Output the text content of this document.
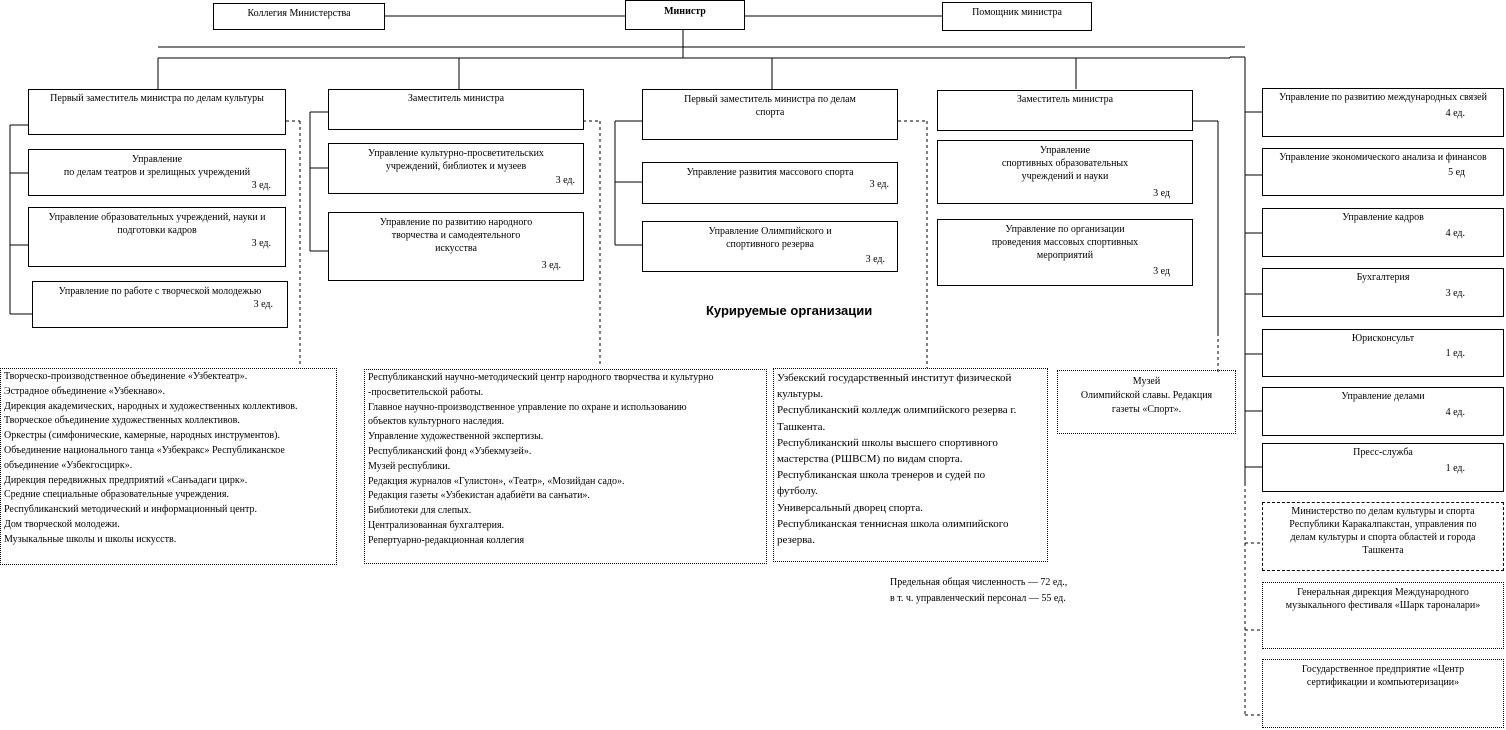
Коллегия Министерства	Министр	Помощник министра
Первый заместитель министра по делам культуры
Управление
по делам театров и зрелищных учреждений
3 ед.
Управление образовательных учреждений, науки и
подготовки кадров
3 ед.
Управление по работе с творческой молодежью
3 ед.
Заместитель министра
Управление культурно-просветительских
учреждений, библиотек и музеев
3 ед.
Управление по развитию народного
творчества и самодеятельного
искусства
3 ед.
Первый заместитель министра по делам
спорта
Управление развития массового спорта
3 ед.
Управление Олимпийского и
спортивного резерва
3 ед.
Заместитель министра
Управление
спортивных образовательных
учреждений и науки
3 ед
Управление по организации
проведения массовых спортивных
мероприятий
3 ед
Управление по развитию международных связей
4 ед.
Управление экономического анализа и финансов
5 ед
Управление кадров
4 ед.
Бухгалтерия
3 ед.
Юрисконсульт
1 ед.
Управление делами
4 ед.
Пресс-служба
1 ед.
Министерство по делам культуры и спорта
Республики Каракалпакстан, управления по
делам культуры и спорта областей и города
Ташкента
Генеральная дирекция Международного
музыкального фестиваля «Шарк тароналари»
Государственное предприятие «Центр
сертификации и компьютеризации»
Курируемые организации
Творческо-производственное объединение «Узбектеатр».
Эстрадное объединение «Узбекнаво».
Дирекция академических, народных и художественных коллективов.
Творческое объединение художественных коллективов.
Оркестры (симфонические, камерные, народных инструментов).
Объединение национального танца «Узбекракс» Республиканское
объединение «Узбекгосцирк».
Дирекция передвижных предприятий «Санъадаги цирк».
Средние специальные образовательные учреждения.
Республиканский методический и информационный центр.
Дом творческой молодежи.
Музыкальные школы и школы искусств.
Республиканский научно-методический центр народного творчества и культурно
-просветительской работы.
Главное научно-производственное управление по охране и использованию
объектов культурного наследия.
Управление художественной экспертизы.
Республиканский фонд «Узбекмузей».
Музей республики.
Редакция журналов «Гулистон», «Театр», «Мозийдан садо».
Редакция газеты «Узбекистан адабиёти ва санъати».
Библиотеки для слепых.
Централизованная бухгалтерия.
Репертуарно-редакционная коллегия
Узбекский государственный институт физической
культуры.
Республиканский колледж олимпийского резерва г.
Ташкента.
Республиканский школы высшего спортивного
мастерства (РШВСМ) по видам спорта.
Республиканская школа тренеров и судей по
футболу.
Универсальный дворец спорта.
Республиканская теннисная школа олимпийского
резерва.
Музей
Олимпийской славы. Редакция
газеты «Спорт».
Предельная общая численность — 72 ед.,
в т. ч. управленческий персонал — 55 ед.
